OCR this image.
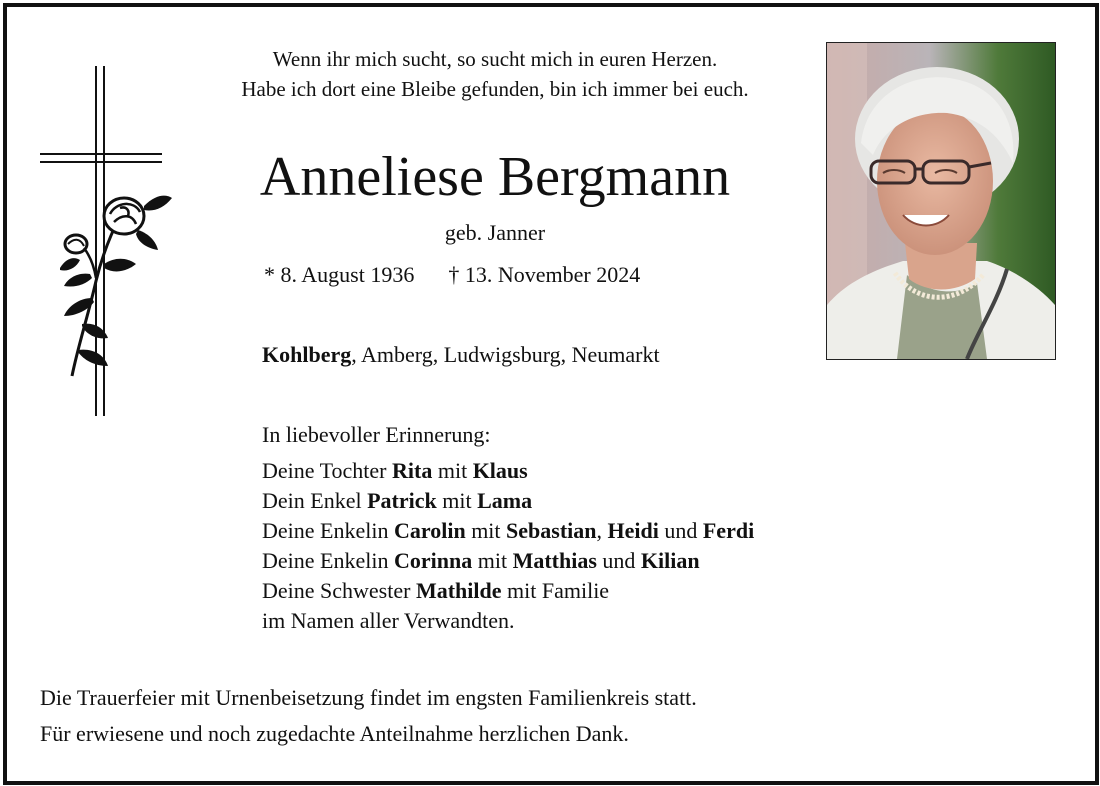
Wenn ihr mich sucht, so sucht mich in euren Herzen.
Habe ich dort eine Bleibe gefunden, bin ich immer bei euch.
Anneliese Bergmann
geb. Janner
* 8. August 1936 † 13. November 2024
Kohlberg, Amberg, Ludwigsburg, Neumarkt
In liebevoller Erinnerung:
Deine Tochter Rita mit Klaus
Dein Enkel Patrick mit Lama
Deine Enkelin Carolin mit Sebastian, Heidi und Ferdi
Deine Enkelin Corinna mit Matthias und Kilian
Deine Schwester Mathilde mit Familie
im Namen aller Verwandten.
Die Trauerfeier mit Urnenbeisetzung findet im engsten Familienkreis statt.
Für erwiesene und noch zugedachte Anteilnahme herzlichen Dank.
